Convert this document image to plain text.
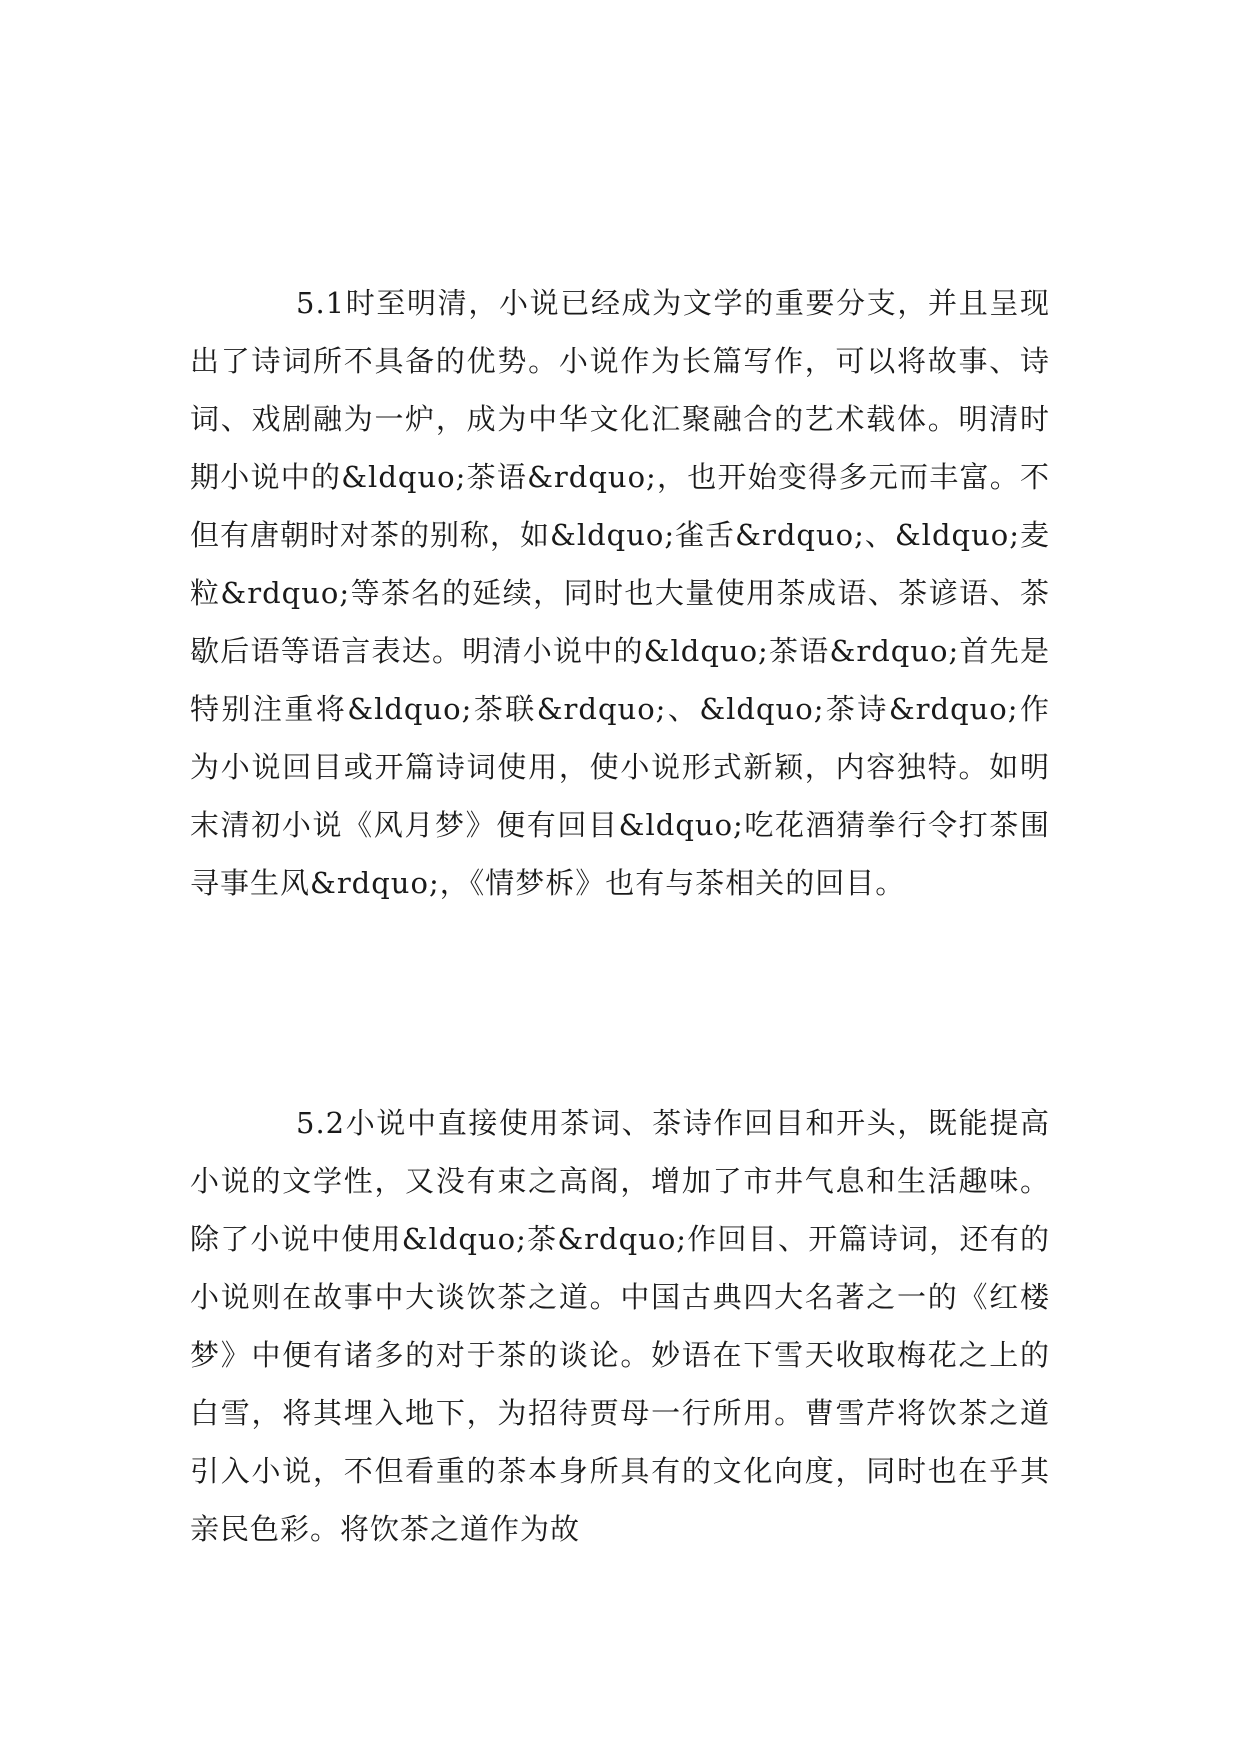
5.1时至明清，小说已经成为文学的重要分支，并且呈现出了诗词所不具备的优势。小说作为长篇写作，可以将故事、诗词、戏剧融为一炉，成为中华文化汇聚融合的艺术载体。明清时期小说中的&ldquo;茶语&rdquo;，也开始变得多元而丰富。不但有唐朝时对茶的别称，如&ldquo;雀舌&rdquo;、&ldquo;麦粒&rdquo;等茶名的延续，同时也大量使用茶成语、茶谚语、茶歇后语等语言表达。明清小说中的&ldquo;茶语&rdquo;首先是特别注重将&ldquo;茶联&rdquo;、&ldquo;茶诗&rdquo;作为小说回目或开篇诗词使用，使小说形式新颖，内容独特。如明末清初小说《风月梦》便有回目&ldquo;吃花酒猜拳行令打茶围寻事生风&rdquo;，《情梦柝》也有与茶相关的回目。

5.2小说中直接使用茶词、茶诗作回目和开头，既能提高小说的文学性，又没有束之高阁，增加了市井气息和生活趣味。除了小说中使用&ldquo;茶&rdquo;作回目、开篇诗词，还有的小说则在故事中大谈饮茶之道。中国古典四大名著之一的《红楼梦》中便有诸多的对于茶的谈论。妙语在下雪天收取梅花之上的白雪，将其埋入地下，为招待贾母一行所用。曹雪芹将饮茶之道引入小说，不但看重的茶本身所具有的文化向度，同时也在乎其亲民色彩。将饮茶之道作为故
